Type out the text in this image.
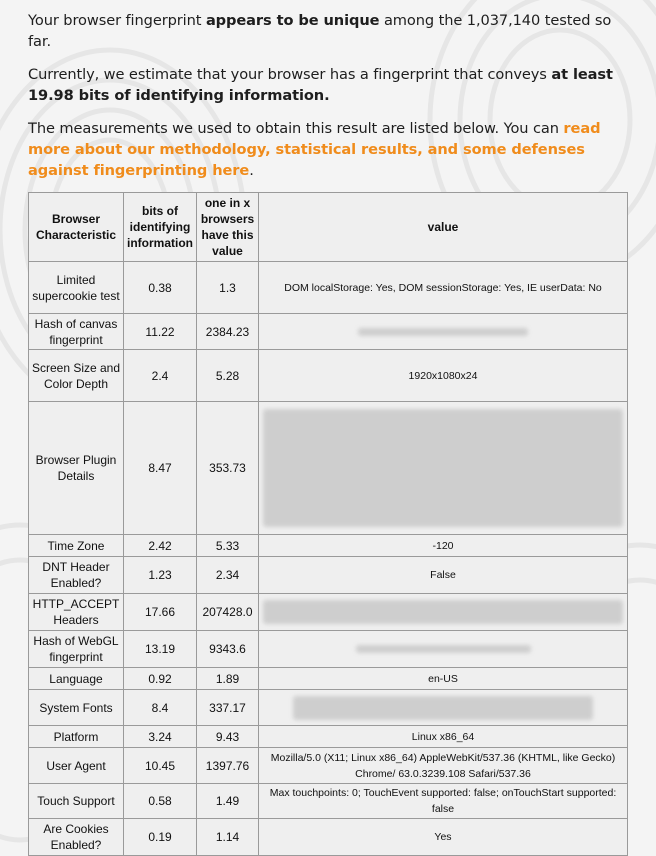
Your browser fingerprint appears to be unique among the 1,037,140 tested so far.

Currently, we estimate that your browser has a fingerprint that conveys at least 19.98 bits of identifying information.

The measurements we used to obtain this result are listed below. You can read more about our methodology, statistical results, and some defenses against fingerprinting here.

Browser Characteristic	bits of identifying information	one in x browsers have this value	value
Limited supercookie test	0.38	1.3	DOM localStorage: Yes, DOM sessionStorage: Yes, IE userData: No
Hash of canvas fingerprint	11.22	2384.23	
Screen Size and Color Depth	2.4	5.28	1920x1080x24
Browser Plugin Details	8.47	353.73	

Time Zone	2.42	5.33	-120
DNT Header Enabled?	1.23	2.34	False
HTTP_ACCEPT Headers	17.66	207428.0	

Hash of WebGL fingerprint	13.19	9343.6	
Language	0.92	1.89	en-US
System Fonts	8.4	337.17	

Platform	3.24	9.43	Linux x86_64
User Agent	10.45	1397.76	Mozilla/5.0 (X11; Linux x86_64) AppleWebKit/537.36 (KHTML, like Gecko) Chrome/ 63.0.3239.108 Safari/537.36
Touch Support	0.58	1.49	Max touchpoints: 0; TouchEvent supported: false; onTouchStart supported: false
Are Cookies Enabled?	0.19	1.14	Yes
